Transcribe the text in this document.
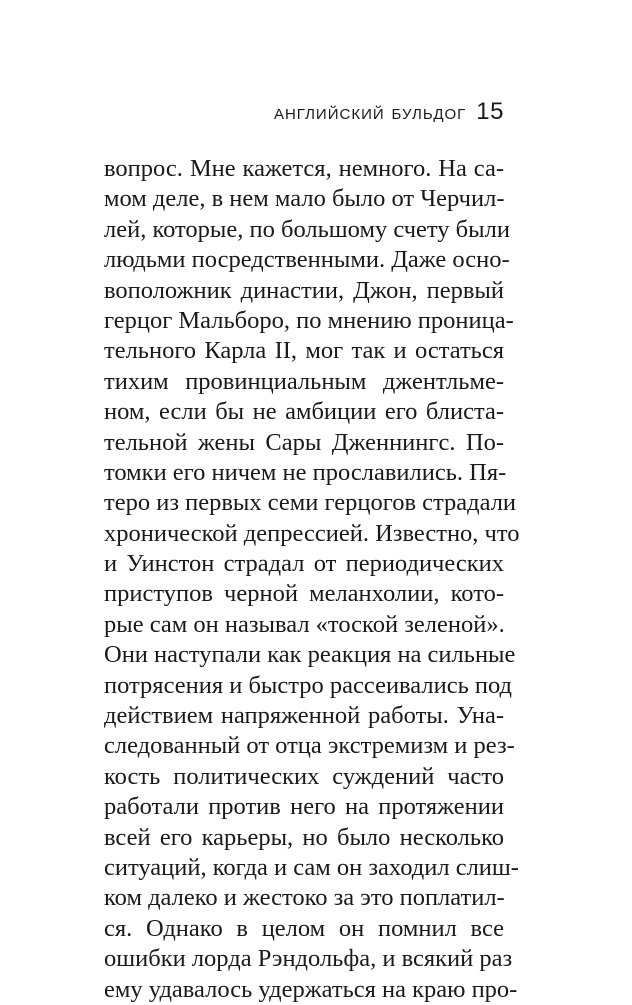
английский бульдог 15
вопрос. Мне кажется, немного. На са-
мом деле, в нем мало было от Черчил-
лей, которые, по большому счету были
людьми посредственными. Даже осно-
воположник династии, Джон, первый
герцог Мальборо, по мнению проница-
тельного Карла II, мог так и остаться
тихим провинциальным джентльме-
ном, если бы не амбиции его блиста-
тельной жены Сары Дженнингс. По-
томки его ничем не прославились. Пя-
теро из первых семи герцогов страдали
хронической депрессией. Известно, что
и Уинстон страдал от периодических
приступов черной меланхолии, кото-
рые сам он называл «тоской зеленой».
Они наступали как реакция на сильные
потрясения и быстро рассеивались под
действием напряженной работы. Уна-
следованный от отца экстремизм и рез-
кость политических суждений часто
работали против него на протяжении
всей его карьеры, но было несколько
ситуаций, когда и сам он заходил слиш-
ком далеко и жестоко за это поплатил-
ся. Однако в целом он помнил все
ошибки лорда Рэндольфа, и всякий раз
ему удавалось удержаться на краю про-
